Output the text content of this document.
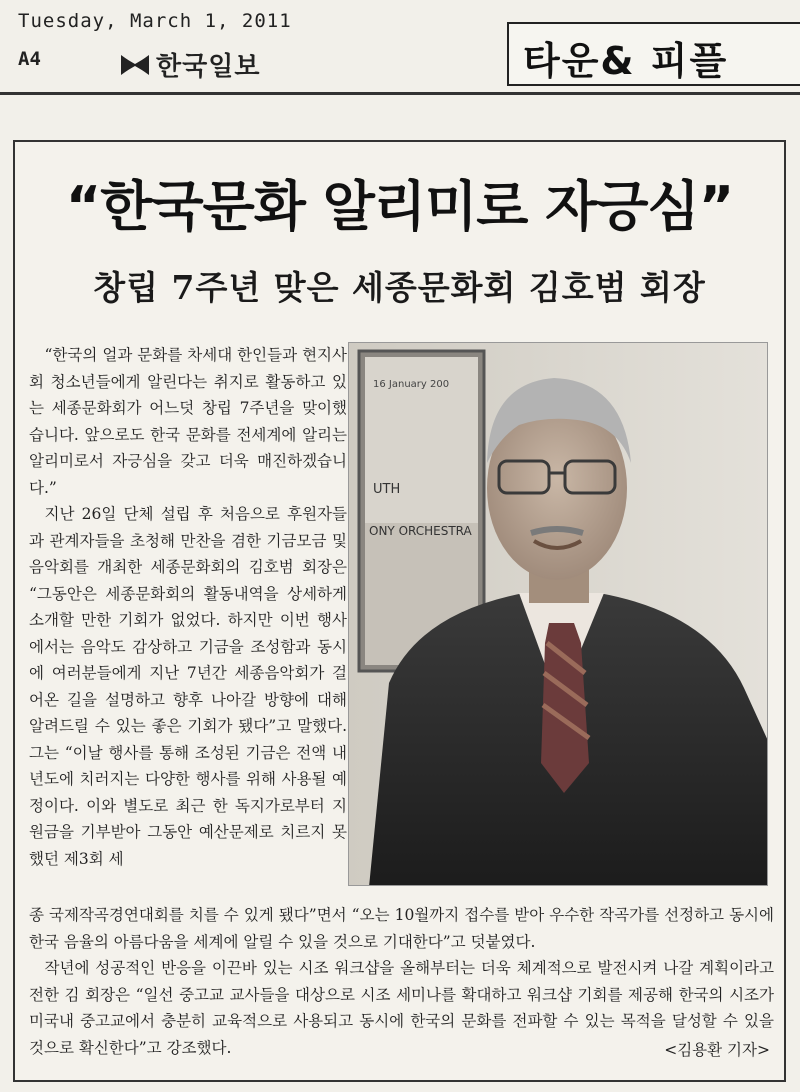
Tuesday, March 1, 2011
A4	한국일보	타운& 피플
“한국문화 알리미로 자긍심”
창립 7주년 맞은 세종문화회 김호범 회장

“한국의 얼과 문화를 차세대 한인들과 현지사회 청소년들에게 알린다는 취지로 활동하고 있는 세종문화회가 어느덧 창립 7주년을 맞이했습니다. 앞으로도 한국 문화를 전세계에 알리는 알리미로서 자긍심을 갖고 더욱 매진하겠습니다.”

지난 26일 단체 설립 후 처음으로 후원자들과 관계자들을 초청해 만찬을 겸한 기금모금 및 음악회를 개최한 세종문화회의 김호범 회장은 “그동안은 세종문화회의 활동내역을 상세하게 소개할 만한 기회가 없었다. 하지만 이번 행사에서는 음악도 감상하고 기금을 조성함과 동시에 여러분들에게 지난 7년간 세종음악회가 걸어온 길을 설명하고 향후 나아갈 방향에 대해 알려드릴 수 있는 좋은 기회가 됐다”고 말했다. 그는 “이날 행사를 통해 조성된 기금은 전액 내년도에 치러지는 다양한 행사를 위해 사용될 예정이다. 이와 별도로 최근 한 독지가로부터 지원금을 기부받아 그동안 예산문제로 치르지 못했던 제3회 세

16 January 200
UTH
ONY ORCHESTRA

종 국제작곡경연대회를 치를 수 있게 됐다”면서 “오는 10월까지 접수를 받아 우수한 작곡가를 선정하고 동시에 한국 음율의 아름다움을 세계에 알릴 수 있을 것으로 기대한다”고 덧붙였다.

작년에 성공적인 반응을 이끈바 있는 시조 워크샵을 올해부터는 더욱 체계적으로 발전시켜 나갈 계획이라고 전한 김 회장은 “일선 중고교 교사들을 대상으로 시조 세미나를 확대하고 워크샵 기회를 제공해 한국의 시조가 미국내 중고교에서 충분히 교육적으로 사용되고 동시에 한국의 문화를 전파할 수 있는 목적을 달성할 수 있을 것으로 확신한다”고 강조했다.	<김용환 기자>
